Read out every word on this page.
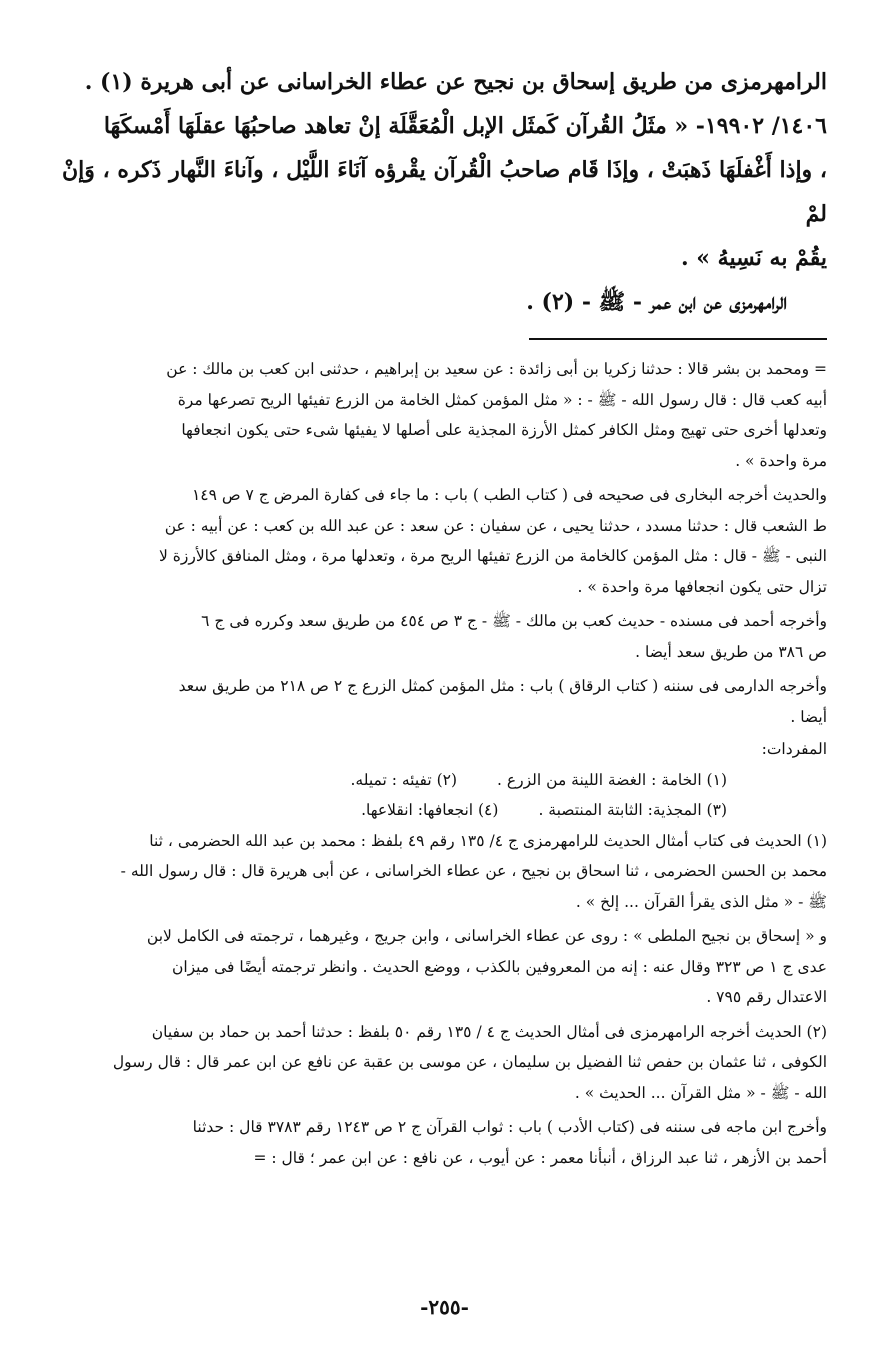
الرامهرمزى من طريق إسحاق بن نجيح عن عطاء الخراسانى عن أبى هريرة (١) .

١٤٠٦/ ١٩٩٠٢- « مثَلُ القُرآن كَمثَل الإبل الْمُعَقَّلَة إنْ تعاهد صاحبُهَا عقلَهَا أَمْسكَهَا

، وإذا أَغْفلَهَا ذَهبَتْ ، وإذَا قَام صاحبُ الْقُرآن يقْرؤه آنَاءَ اللَّيْل ، وآناءَ النَّهار ذَكره ، وَإنْ لمْ

يقُمْ به نَسِيهُ » .

الرامهرمزى عن ابن عمر - ﷺ - (٢) .

= ومحمد بن بشر قالا : حدثنا زكريا بن أبى زائدة : عن سعيد بن إبراهيم ، حدثنى ابن كعب بن مالك : عن

أبيه كعب قال : قال رسول الله - ﷺ - : « مثل المؤمن كمثل الخامة من الزرع تفيئها الريح تصرعها مرة

وتعدلها أخرى حتى تهيج ومثل الكافر كمثل الأرزة المجذية على أصلها لا يفيئها شىء حتى يكون انجعافها

مرة واحدة » .

والحديث أخرجه البخارى فى صحيحه فى ( كتاب الطب ) باب : ما جاء فى كفارة المرض ج ٧ ص ١٤٩

ط الشعب قال : حدثنا مسدد ، حدثنا يحيى ، عن سفيان : عن سعد : عن عبد الله بن كعب : عن أبيه : عن

النبى - ﷺ - قال : مثل المؤمن كالخامة من الزرع تفيئها الريح مرة ، وتعدلها مرة ، ومثل المنافق كالأرزة لا

تزال حتى يكون انجعافها مرة واحدة » .

وأخرجه أحمد فى مسنده - حديث كعب بن مالك - ﷺ - ج ٣ ص ٤٥٤ من طريق سعد وكرره فى ج ٦

ص ٣٨٦ من طريق سعد أيضا .

وأخرجه الدارمى فى سننه ( كتاب الرقاق ) باب : مثل المؤمن كمثل الزرع ج ٢ ص ٢١٨ من طريق سعد

أيضا .

المفردات:

(١) الخامة : الغضة اللينة من الزرع .
(٢) تفيئه : تميله.
(٣) المجذية: الثابتة المنتصبة .
(٤) انجعافها: انقلاعها.

(١) الحديث فى كتاب أمثال الحديث للرامهرمزى ج ٤/ ١٣٥ رقم ٤٩ بلفظ : محمد بن عبد الله الحضرمى ، ثنا

محمد بن الحسن الحضرمى ، ثنا اسحاق بن نجيح ، عن عطاء الخراسانى ، عن أبى هريرة قال : قال رسول الله -

ﷺ - « مثل الذى يقرأ القرآن ... إلخ » .

و « إسحاق بن نجيح الملطى » : روى عن عطاء الخراسانى ، وابن جريج ، وغيرهما ، ترجمته فى الكامل لابن

عدى ج ١ ص ٣٢٣ وقال عنه : إنه من المعروفين بالكذب ، ووضع الحديث . وانظر ترجمته أيضًا فى ميزان

الاعتدال رقم ٧٩٥ .

(٢) الحديث أخرجه الرامهرمزى فى أمثال الحديث ج ٤ / ١٣٥ رقم ٥٠ بلفظ : حدثنا أحمد بن حماد بن سفيان

الكوفى ، ثنا عثمان بن حفص ثنا الفضيل بن سليمان ، عن موسى بن عقبة عن نافع عن ابن عمر قال : قال رسول

الله - ﷺ - « مثل القرآن ... الحديث » .

وأخرج ابن ماجه فى سننه فى (كتاب الأدب ) باب : ثواب القرآن ج ٢ ص ١٢٤٣ رقم ٣٧٨٣ قال : حدثنا

أحمد بن الأزهر ، ثنا عبد الرزاق ، أنبأنا معمر : عن أيوب ، عن نافع : عن ابن عمر ؛ قال : =

-٢٥٥-
